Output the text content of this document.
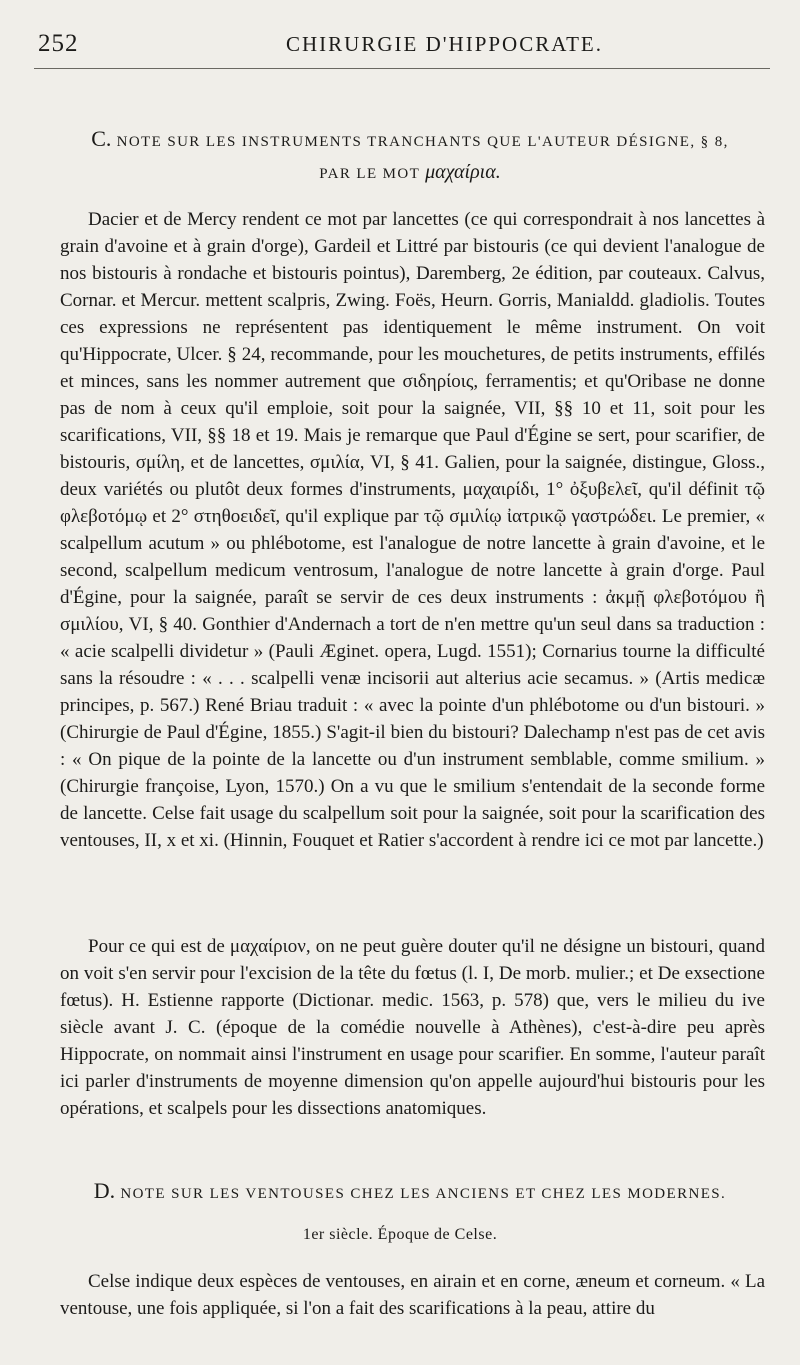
252	CHIRURGIE D'HIPPOCRATE.
C. NOTE SUR LES INSTRUMENTS TRANCHANTS QUE L'AUTEUR DÉSIGNE, § 8,
PAR LE MOT μαχαίρια.

Dacier et de Mercy rendent ce mot par lancettes (ce qui correspondrait à nos lancettes à grain d'avoine et à grain d'orge), Gardeil et Littré par bistouris (ce qui devient l'analogue de nos bistouris à rondache et bistouris pointus), Daremberg, 2e édition, par couteaux. Calvus, Cornar. et Mercur. mettent scalpris, Zwing. Foës, Heurn. Gorris, Manialdd. gladiolis. Toutes ces expressions ne représentent pas identiquement le même instrument. On voit qu'Hippocrate, Ulcer. § 24, recommande, pour les mouchetures, de petits instruments, effilés et minces, sans les nommer autrement que σιδηρίοις, ferramentis; et qu'Oribase ne donne pas de nom à ceux qu'il emploie, soit pour la saignée, VII, §§ 10 et 11, soit pour les scarifications, VII, §§ 18 et 19. Mais je remarque que Paul d'Égine se sert, pour scarifier, de bistouris, σμίλη, et de lancettes, σμιλία, VI, § 41. Galien, pour la saignée, distingue, Gloss., deux variétés ou plutôt deux formes d'instruments, μαχαιρίδι, 1° ὀξυβελεῖ, qu'il définit τῷ φλεβοτόμῳ et 2° στηθοειδεῖ, qu'il explique par τῷ σμιλίῳ ἰατρικῷ γαστρώδει. Le premier, « scalpellum acutum » ou phlébotome, est l'analogue de notre lancette à grain d'avoine, et le second, scalpellum medicum ventrosum, l'analogue de notre lancette à grain d'orge. Paul d'Égine, pour la saignée, paraît se servir de ces deux instruments : ἀκμῇ φλεβοτόμου ἢ σμιλίου, VI, § 40. Gonthier d'Andernach a tort de n'en mettre qu'un seul dans sa traduction : « acie scalpelli dividetur » (Pauli Æginet. opera, Lugd. 1551); Cornarius tourne la difficulté sans la résoudre : « . . . scalpelli venæ incisorii aut alterius acie secamus. » (Artis medicæ principes, p. 567.) René Briau traduit : « avec la pointe d'un phlébotome ou d'un bistouri. » (Chirurgie de Paul d'Égine, 1855.) S'agit-il bien du bistouri? Dalechamp n'est pas de cet avis : « On pique de la pointe de la lancette ou d'un instrument semblable, comme smilium. » (Chirurgie françoise, Lyon, 1570.) On a vu que le smilium s'entendait de la seconde forme de lancette. Celse fait usage du scalpellum soit pour la saignée, soit pour la scarification des ventouses, II, x et xi. (Hinnin, Fouquet et Ratier s'accordent à rendre ici ce mot par lancette.)

Pour ce qui est de μαχαίριον, on ne peut guère douter qu'il ne désigne un bistouri, quand on voit s'en servir pour l'excision de la tête du fœtus (l. I, De morb. mulier.; et De exsectione fœtus). H. Estienne rapporte (Dictionar. medic. 1563, p. 578) que, vers le milieu du ive siècle avant J. C. (époque de la comédie nouvelle à Athènes), c'est-à-dire peu après Hippocrate, on nommait ainsi l'instrument en usage pour scarifier. En somme, l'auteur paraît ici parler d'instruments de moyenne dimension qu'on appelle aujourd'hui bistouris pour les opérations, et scalpels pour les dissections anatomiques.

D. NOTE SUR LES VENTOUSES CHEZ LES ANCIENS ET CHEZ LES MODERNES.
1er siècle. Époque de Celse.

Celse indique deux espèces de ventouses, en airain et en corne, æneum et corneum. « La ventouse, une fois appliquée, si l'on a fait des scarifications à la peau, attire du
